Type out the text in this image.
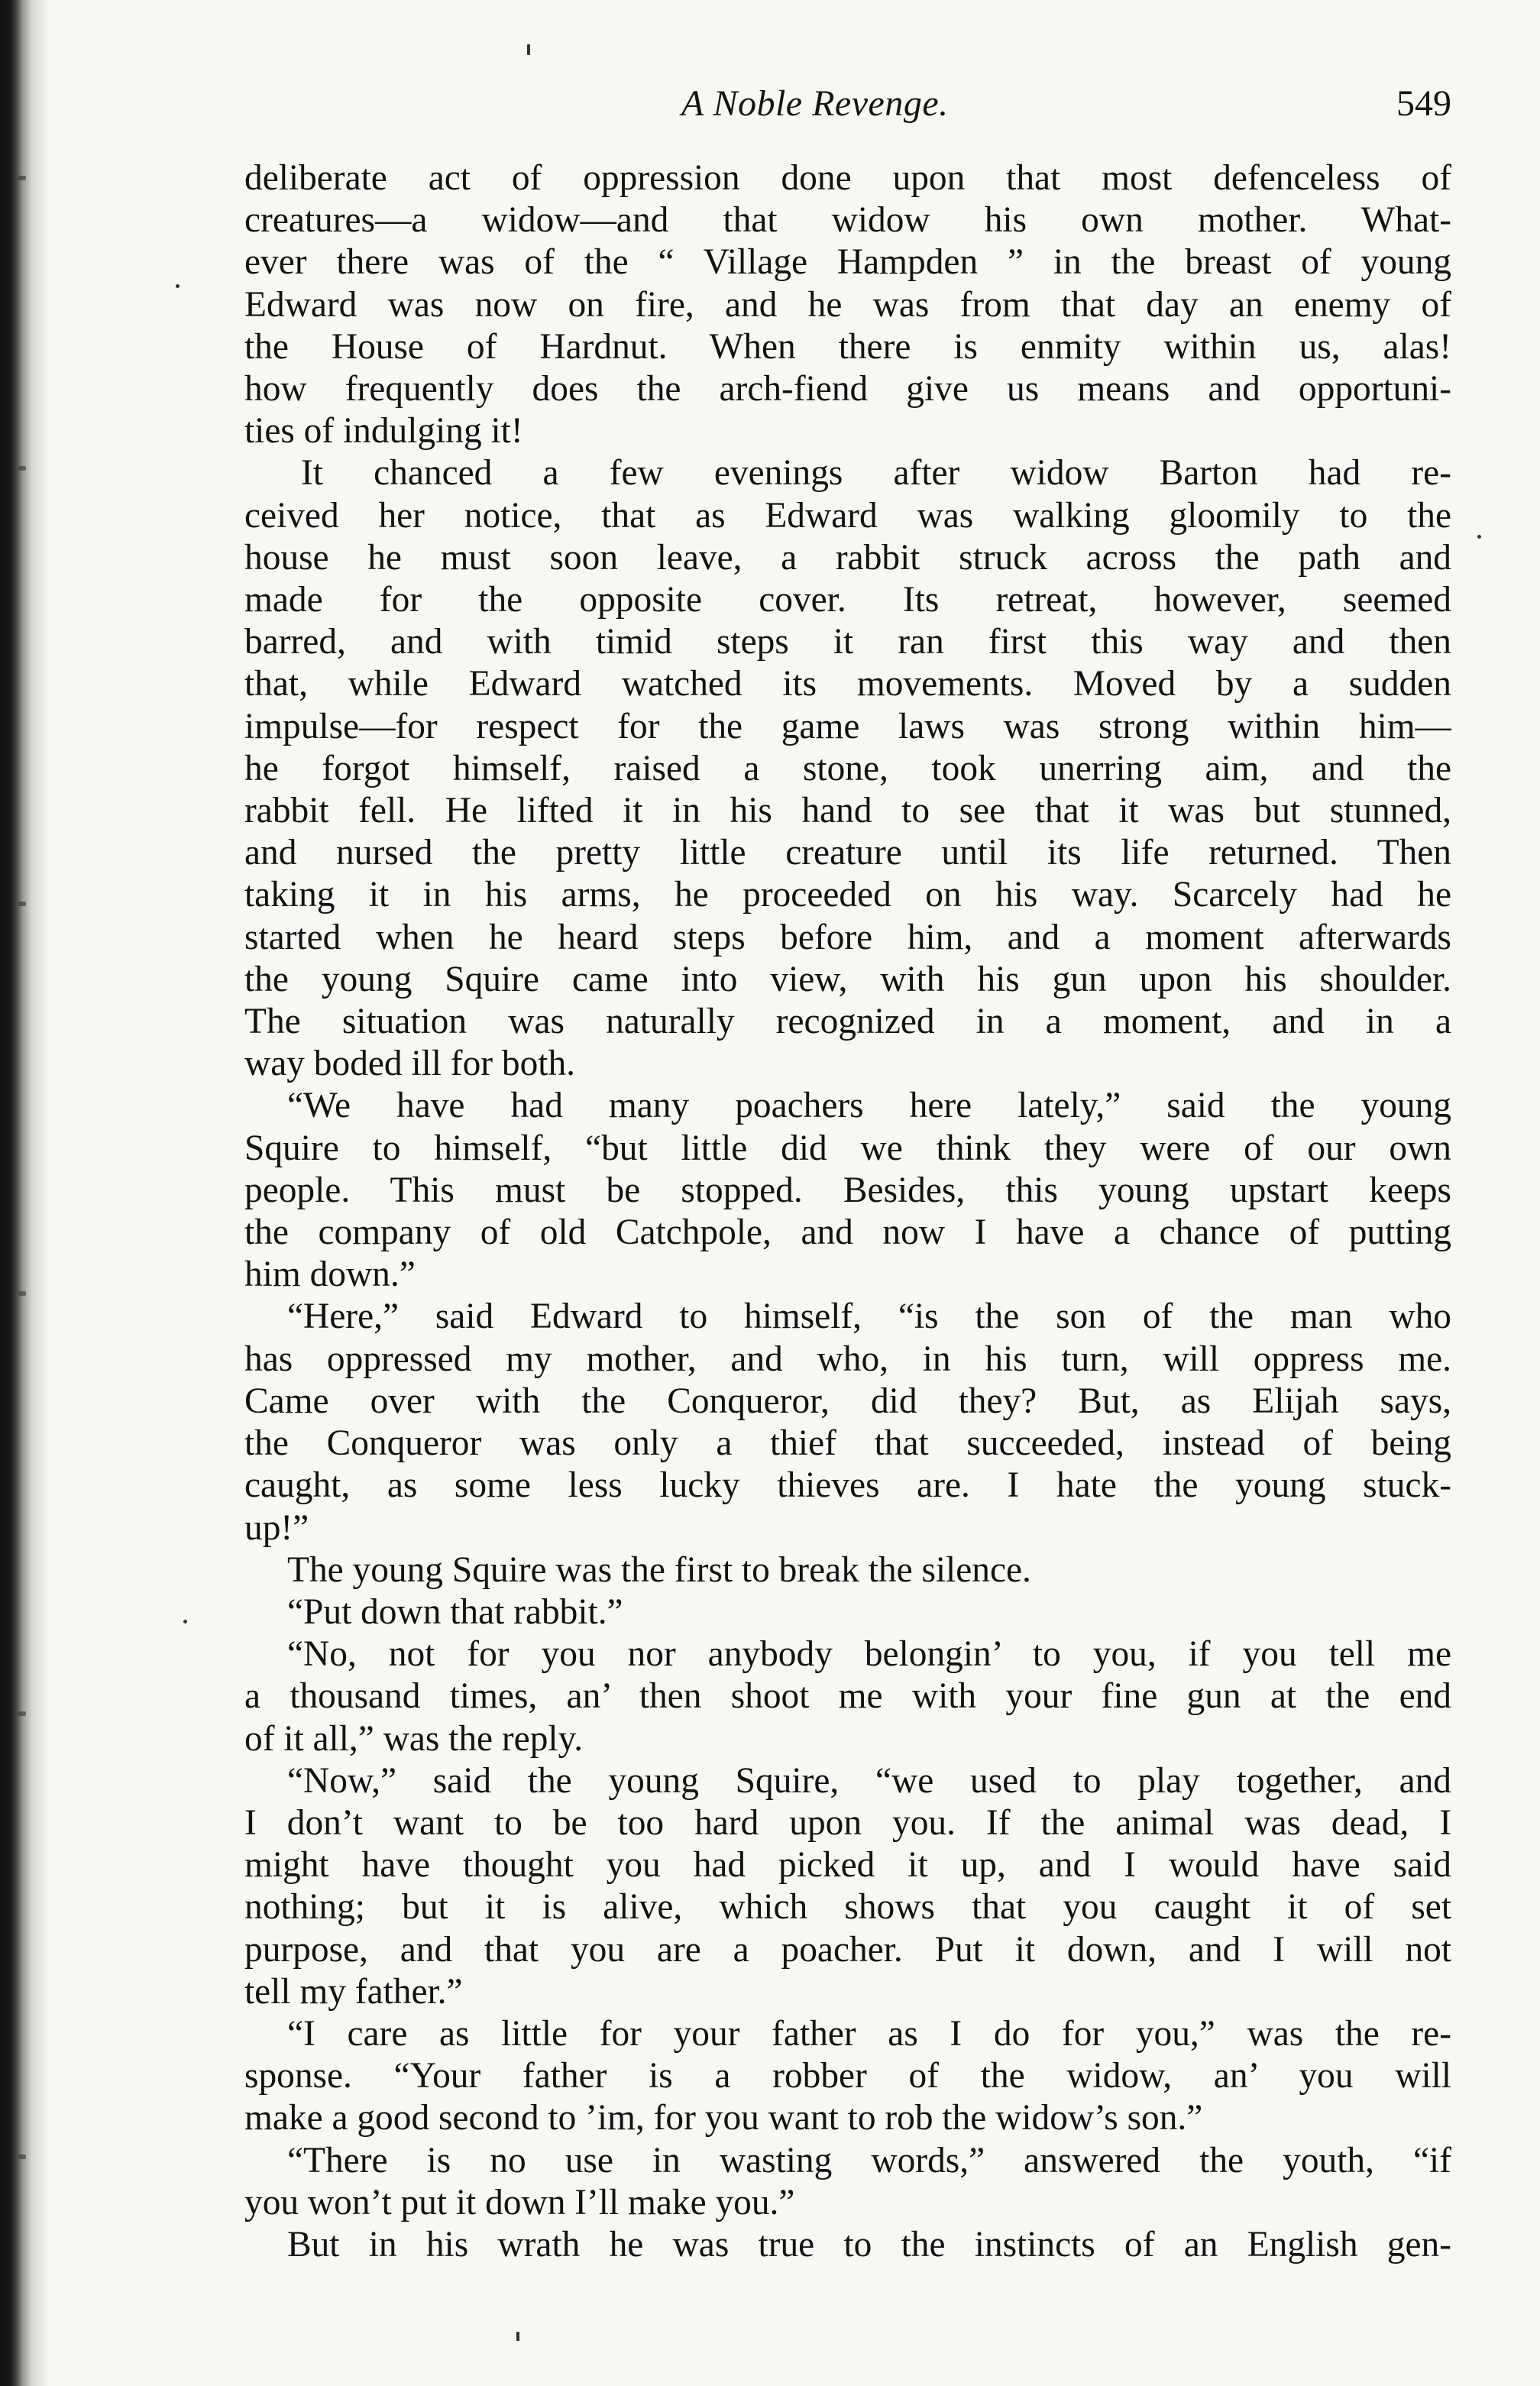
A Noble Revenge.	549

deliberate act of oppression done upon that most defenceless of

creatures—a widow—and that widow his own mother. What-

ever there was of the “ Village Hampden ” in the breast of young

Edward was now on fire, and he was from that day an enemy of

the House of Hardnut. When there is enmity within us, alas!

how frequently does the arch-fiend give us means and opportuni-

ties of indulging it!

It chanced a few evenings after widow Barton had re-

ceived her notice, that as Edward was walking gloomily to the

house he must soon leave, a rabbit struck across the path and

made for the opposite cover. Its retreat, however, seemed

barred, and with timid steps it ran first this way and then

that, while Edward watched its movements. Moved by a sudden

impulse—for respect for the game laws was strong within him—

he forgot himself, raised a stone, took unerring aim, and the

rabbit fell. He lifted it in his hand to see that it was but stunned,

and nursed the pretty little creature until its life returned. Then

taking it in his arms, he proceeded on his way. Scarcely had he

started when he heard steps before him, and a moment afterwards

the young Squire came into view, with his gun upon his shoulder.

The situation was naturally recognized in a moment, and in a

way boded ill for both.

“We have had many poachers here lately,” said the young

Squire to himself, “but little did we think they were of our own

people. This must be stopped. Besides, this young upstart keeps

the company of old Catchpole, and now I have a chance of putting

him down.”

“Here,” said Edward to himself, “is the son of the man who

has oppressed my mother, and who, in his turn, will oppress me.

Came over with the Conqueror, did they? But, as Elijah says,

the Conqueror was only a thief that succeeded, instead of being

caught, as some less lucky thieves are. I hate the young stuck-

up!”

The young Squire was the first to break the silence.

“Put down that rabbit.”

“No, not for you nor anybody belongin’ to you, if you tell me

a thousand times, an’ then shoot me with your fine gun at the end

of it all,” was the reply.

“Now,” said the young Squire, “we used to play together, and

I don’t want to be too hard upon you. If the animal was dead, I

might have thought you had picked it up, and I would have said

nothing; but it is alive, which shows that you caught it of set

purpose, and that you are a poacher. Put it down, and I will not

tell my father.”

“I care as little for your father as I do for you,” was the re-

sponse. “Your father is a robber of the widow, an’ you will

make a good second to ’im, for you want to rob the widow’s son.”

“There is no use in wasting words,” answered the youth, “if

you won’t put it down I’ll make you.”

But in his wrath he was true to the instincts of an English gen-
